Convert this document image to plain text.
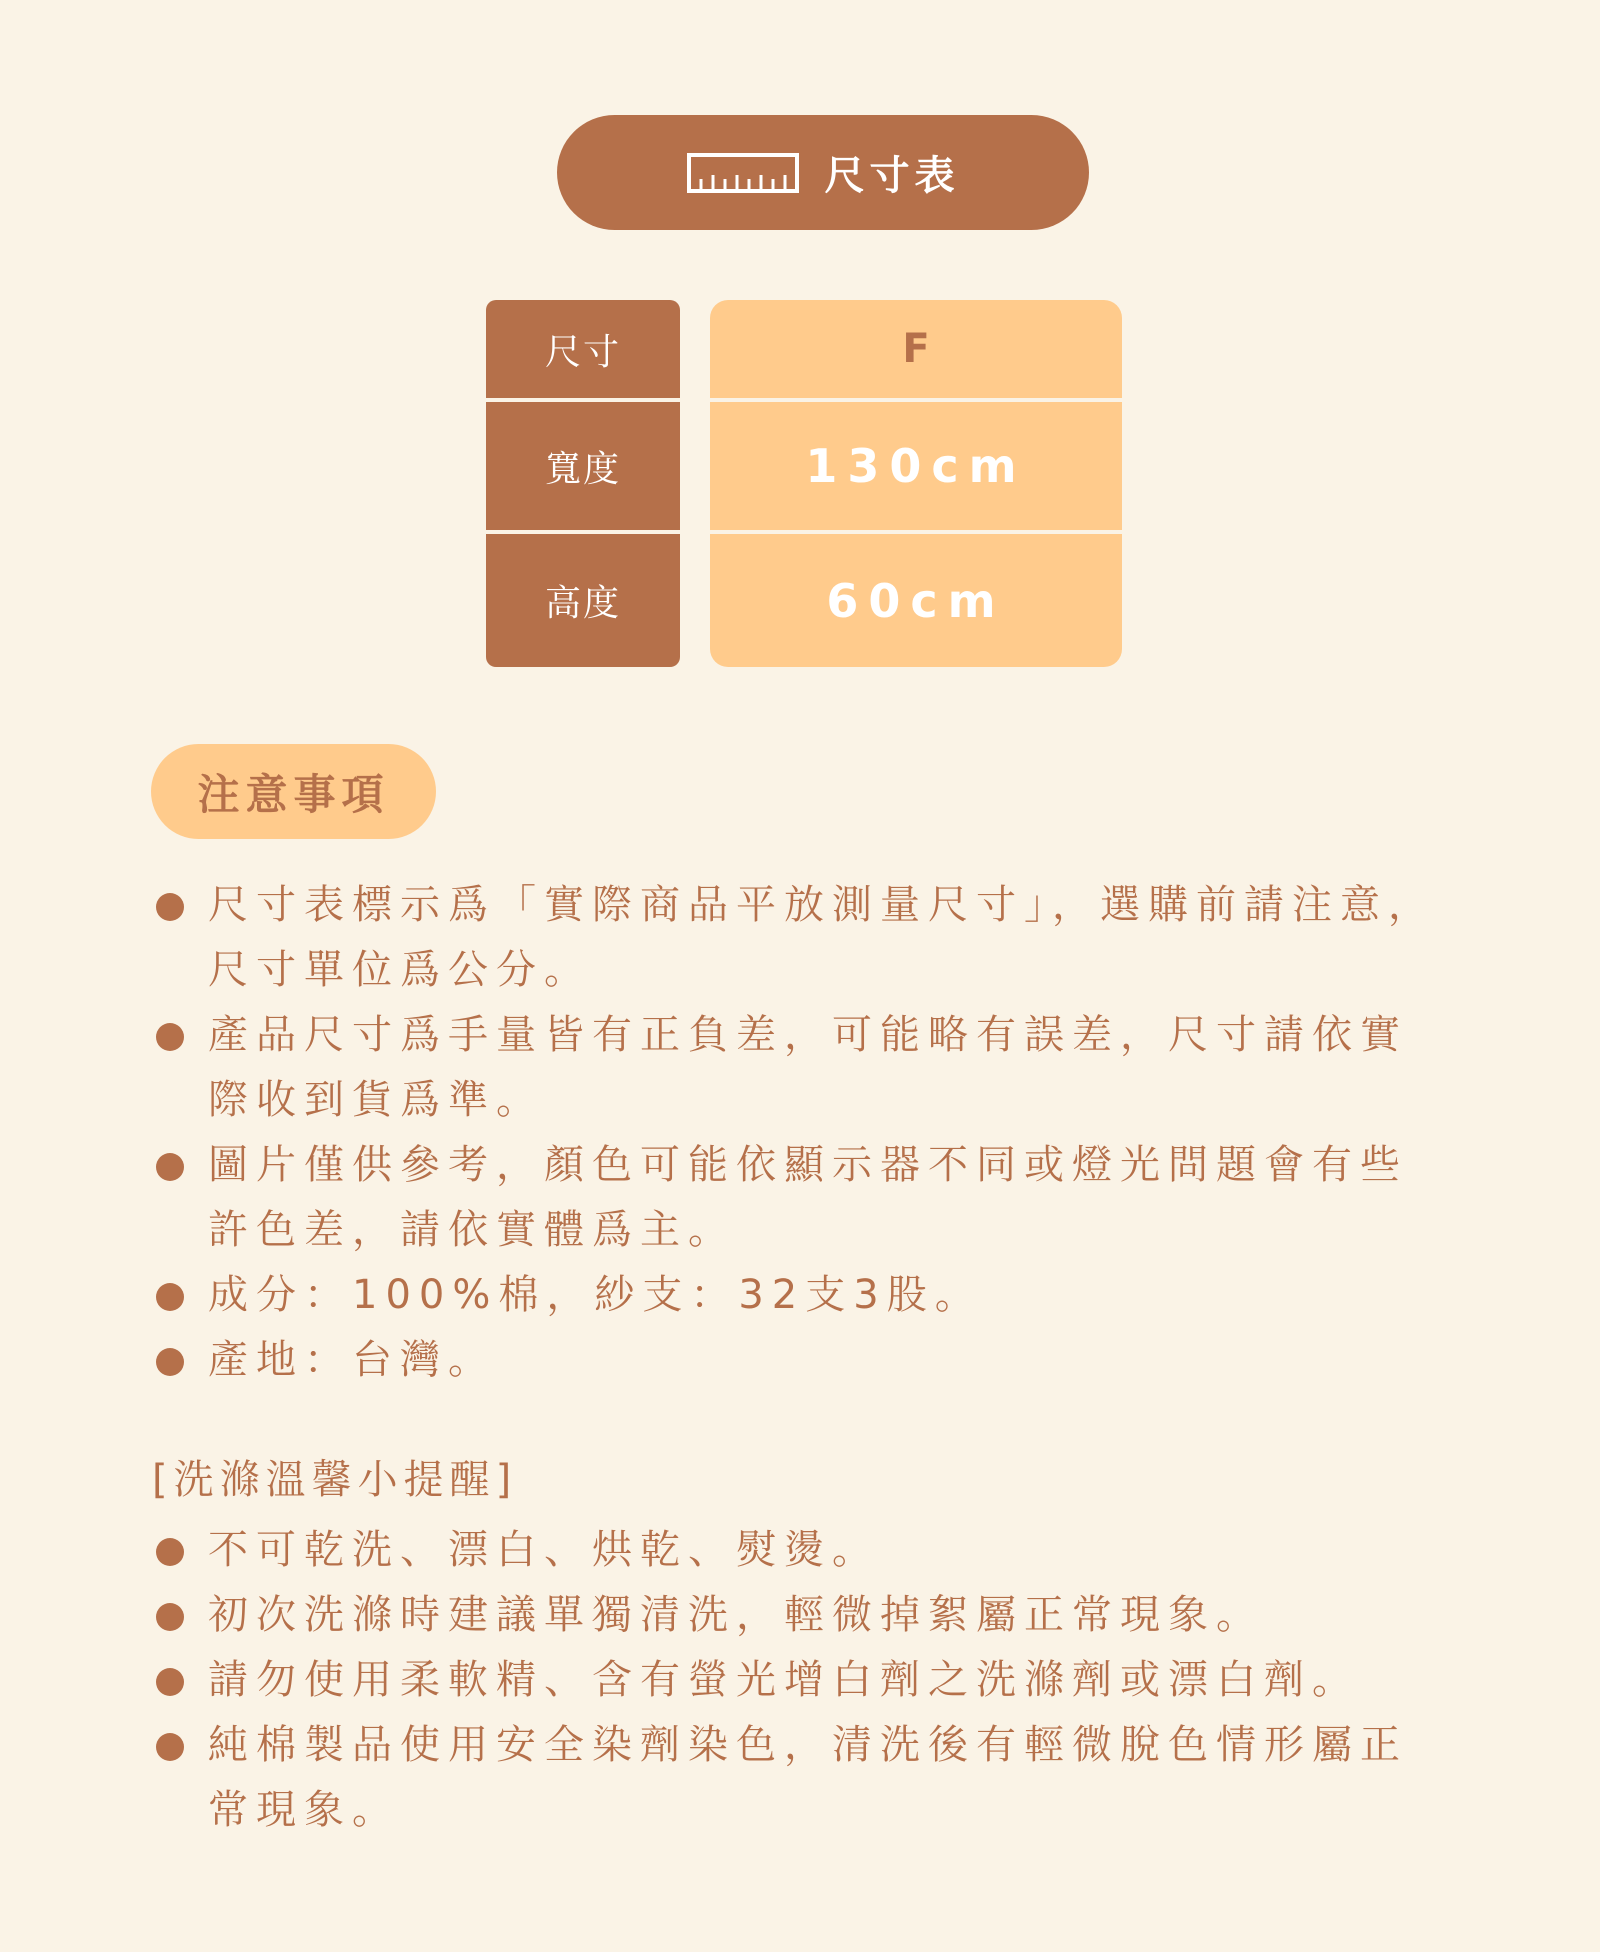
尺寸表
尺寸
寬度
高度
F
130cm
60cm
注意事項
尺寸表標示爲「實際商品平放測量尺寸」，選購前請注意，尺寸單位爲公分。
產品尺寸爲手量皆有正負差，可能略有誤差，尺寸請依實際收到貨爲準。
圖片僅供參考，顏色可能依顯示器不同或燈光問題會有些許色差，請依實體爲主。
成分：100%棉，紗支：32支3股。
產地：台灣。
[洗滌溫馨小提醒]
不可乾洗、漂白、烘乾、熨燙。
初次洗滌時建議單獨清洗，輕微掉絮屬正常現象。
請勿使用柔軟精、含有螢光增白劑之洗滌劑或漂白劑。
純棉製品使用安全染劑染色，清洗後有輕微脫色情形屬正常現象。
